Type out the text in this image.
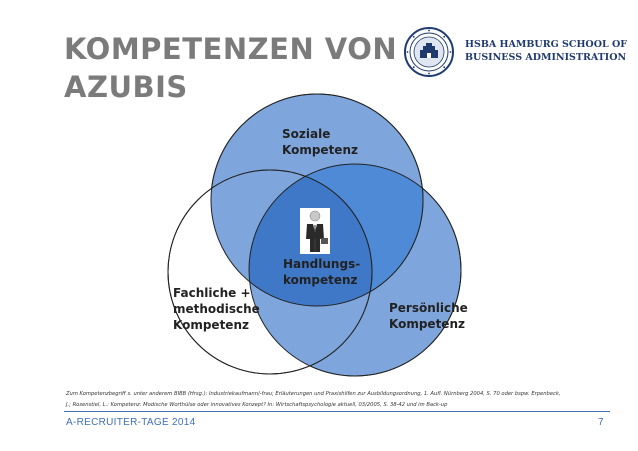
KOMPETENZEN VON
AZUBIS
HSBA HAMBURG SCHOOL OF
BUSINESS ADMINISTRATION
Soziale
Kompetenz
Fachliche +
methodische
Kompetenz
Persönliche
Kompetenz
Handlungs-
kompetenz
Zum Kompetenzbegriff s. unter anderem BIBB (Hrsg.): Industriekaufmann/-frau; Erläuterungen und Praxishilfen zur Ausbildungsordnung, 1. Aufl. Nürnberg 2004, S. 70 oder bspw. Erpenbeck,
J.; Rosenstiel, L.: Kompetenz: Modische Worthülse oder innovatives Konzept? In: Wirtschaftspsychologie aktuell, 03/2005, S. 38-42 und im Back-up
A-RECRUITER-TAGE 2014	7
